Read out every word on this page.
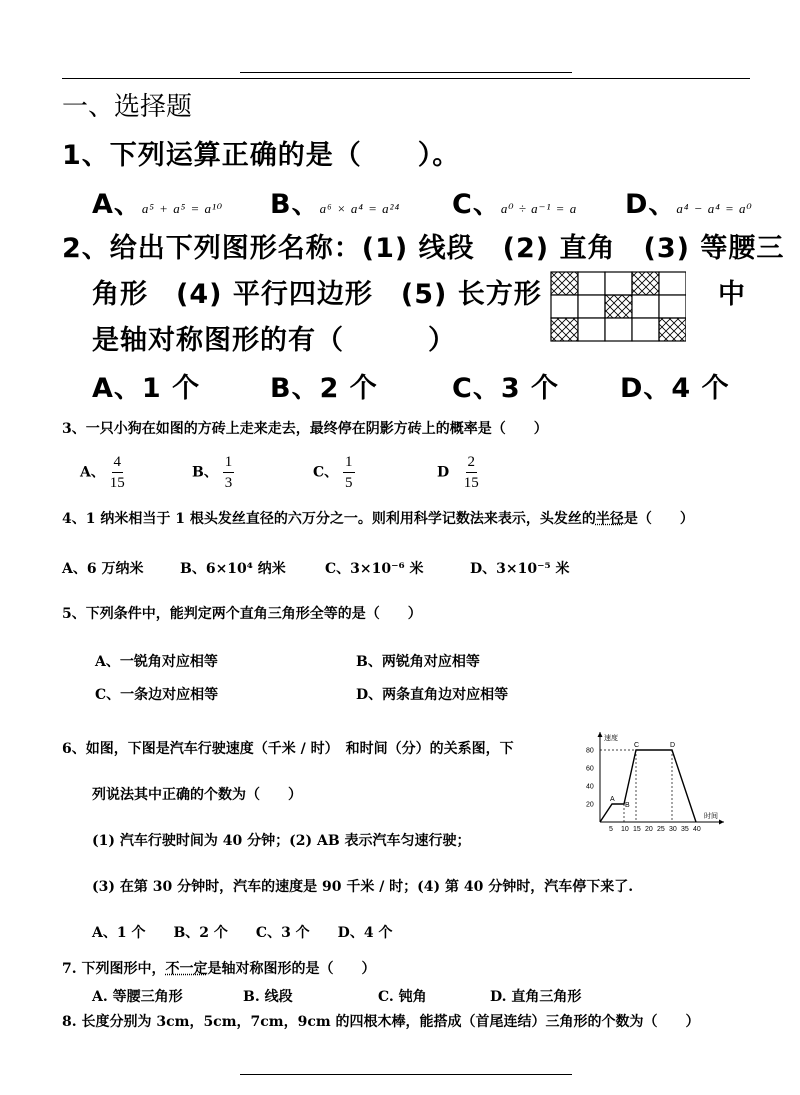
一、选择题
1、下列运算正确的是（　　）。
A、a⁵ + a⁵ = a¹⁰ B、a⁶ × a⁴ = a²⁴ C、a⁰ ÷ a⁻¹ = a D、a⁴ − a⁴ = a⁰
2、给出下列图形名称：(1) 线段　(2) 直角　(3) 等腰三
角形　(4) 平行四边形　(5) 长方形	中
是轴对称图形的有（　　　）
A、1 个	B、2 个	C、3 个 D、4 个
3、一只小狗在如图的方砖上走来走去，最终停在阴影方砖上的概率是（　　）
A、 $\frac{4}{15}$	B、 $\frac{1}{3}$	C、 $\frac{1}{5}$	D $\frac{2}{15}$
4、1 纳米相当于 1 根头发丝直径的六万分之一。则利用科学记数法来表示，头发丝的半径是（　　）
A、6 万纳米	B、6×10⁴ 纳米	C、3×10⁻⁶ 米	D、3×10⁻⁵ 米
5、下列条件中，能判定两个直角三角形全等的是（　　）
A、一锐角对应相等	B、两锐角对应相等
C、一条边对应相等	D、两条直角边对应相等
6、如图，下图是汽车行驶速度（千米 / 时）　和时间（分）的关系图，下
列说法其中正确的个数为（　　）
(1) 汽车行驶时间为 40 分钟；(2) AB 表示汽车匀速行驶；
(3) 在第 30 分钟时，汽车的速度是 90 千米 / 时；(4) 第 40 分钟时，汽车停下来了.
A、1 个　　B、2 个　　C、3 个　　D、4 个
速度
时间
80
60
40
20
5 10 15 20 25 30 35 40
A
B
C	D
7. 下列图形中，不一定是轴对称图形的是（　　）
A. 等腰三角形	B. 线段	C. 钝角	D. 直角三角形
8. 长度分别为 3cm，5cm，7cm，9cm 的四根木棒，能搭成（首尾连结）三角形的个数为（　　）
